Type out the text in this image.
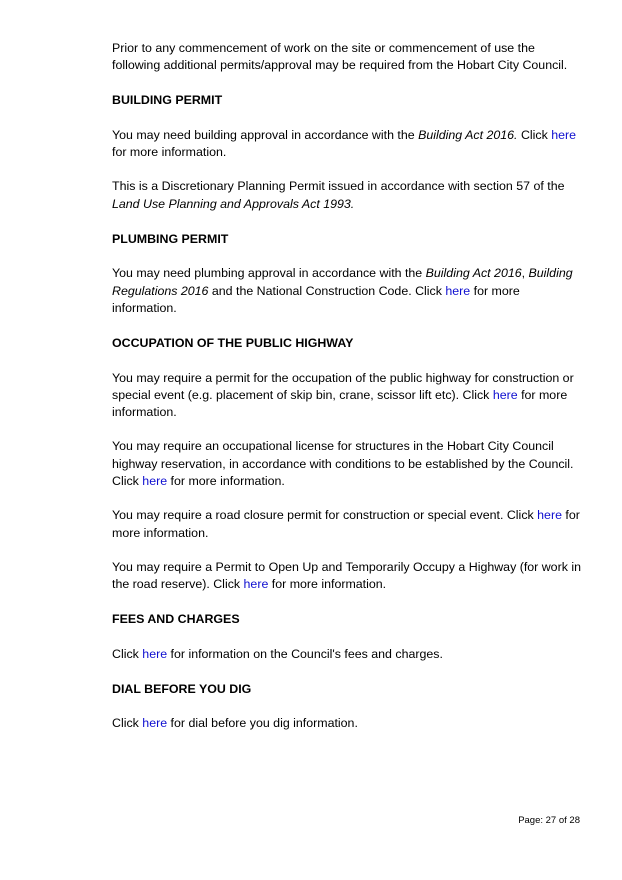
Prior to any commencement of work on the site or commencement of use the following additional permits/approval may be required from the Hobart City Council.

BUILDING PERMIT

You may need building approval in accordance with the Building Act 2016. Click here for more information.

This is a Discretionary Planning Permit issued in accordance with section 57 of the Land Use Planning and Approvals Act 1993.

PLUMBING PERMIT

You may need plumbing approval in accordance with the Building Act 2016, Building Regulations 2016 and the National Construction Code. Click here for more information.

OCCUPATION OF THE PUBLIC HIGHWAY

You may require a permit for the occupation of the public highway for construction or special event (e.g. placement of skip bin, crane, scissor lift etc). Click here for more information.

You may require an occupational license for structures in the Hobart City Council highway reservation, in accordance with conditions to be established by the Council. Click here for more information.

You may require a road closure permit for construction or special event. Click here for more information.

You may require a Permit to Open Up and Temporarily Occupy a Highway (for work in the road reserve). Click here for more information.

FEES AND CHARGES

Click here for information on the Council's fees and charges.

DIAL BEFORE YOU DIG

Click here for dial before you dig information.

Page: 27 of 28
